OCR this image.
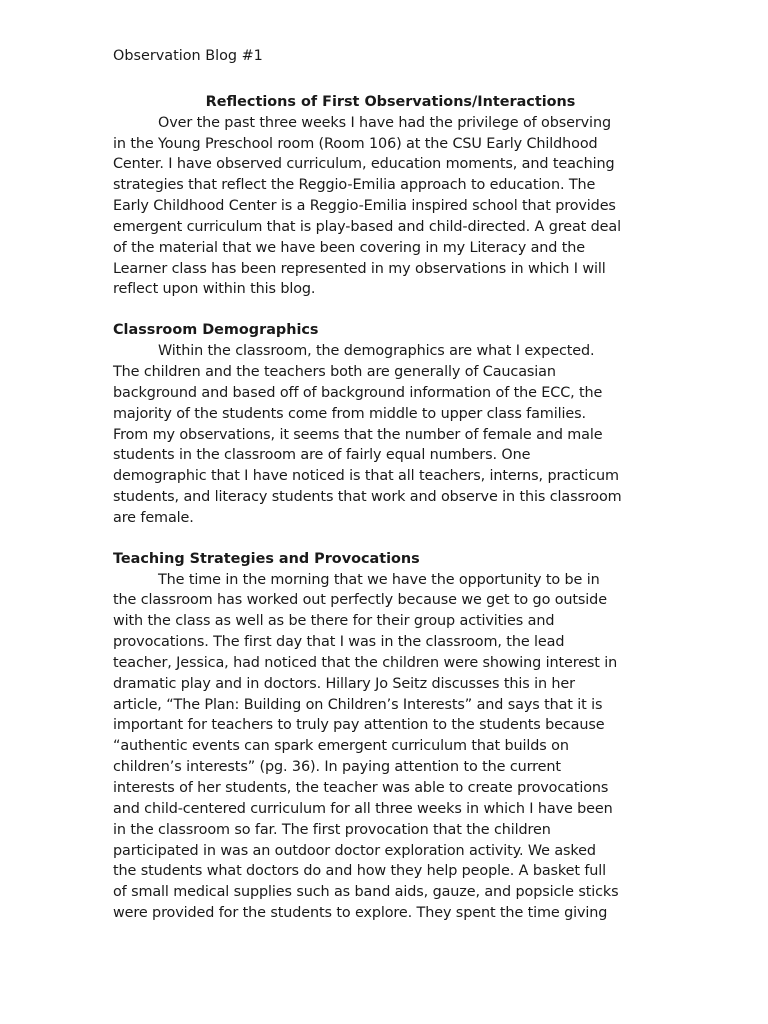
Observation Blog #1
Reflections of First Observations/Interactions
Over the past three weeks I have had the privilege of observing
in the Young Preschool room (Room 106) at the CSU Early Childhood
Center. I have observed curriculum, education moments, and teaching
strategies that reflect the Reggio-Emilia approach to education. The
Early Childhood Center is a Reggio-Emilia inspired school that provides
emergent curriculum that is play-based and child-directed. A great deal
of the material that we have been covering in my Literacy and the
Learner class has been represented in my observations in which I will
reflect upon within this blog.
Classroom Demographics
Within the classroom, the demographics are what I expected.
The children and the teachers both are generally of Caucasian
background and based off of background information of the ECC, the
majority of the students come from middle to upper class families.
From my observations, it seems that the number of female and male
students in the classroom are of fairly equal numbers. One
demographic that I have noticed is that all teachers, interns, practicum
students, and literacy students that work and observe in this classroom
are female.
Teaching Strategies and Provocations
The time in the morning that we have the opportunity to be in
the classroom has worked out perfectly because we get to go outside
with the class as well as be there for their group activities and
provocations. The first day that I was in the classroom, the lead
teacher, Jessica, had noticed that the children were showing interest in
dramatic play and in doctors. Hillary Jo Seitz discusses this in her
article, “The Plan: Building on Children’s Interests” and says that it is
important for teachers to truly pay attention to the students because
“authentic events can spark emergent curriculum that builds on
children’s interests” (pg. 36). In paying attention to the current
interests of her students, the teacher was able to create provocations
and child-centered curriculum for all three weeks in which I have been
in the classroom so far. The first provocation that the children
participated in was an outdoor doctor exploration activity. We asked
the students what doctors do and how they help people. A basket full
of small medical supplies such as band aids, gauze, and popsicle sticks
were provided for the students to explore. They spent the time giving
